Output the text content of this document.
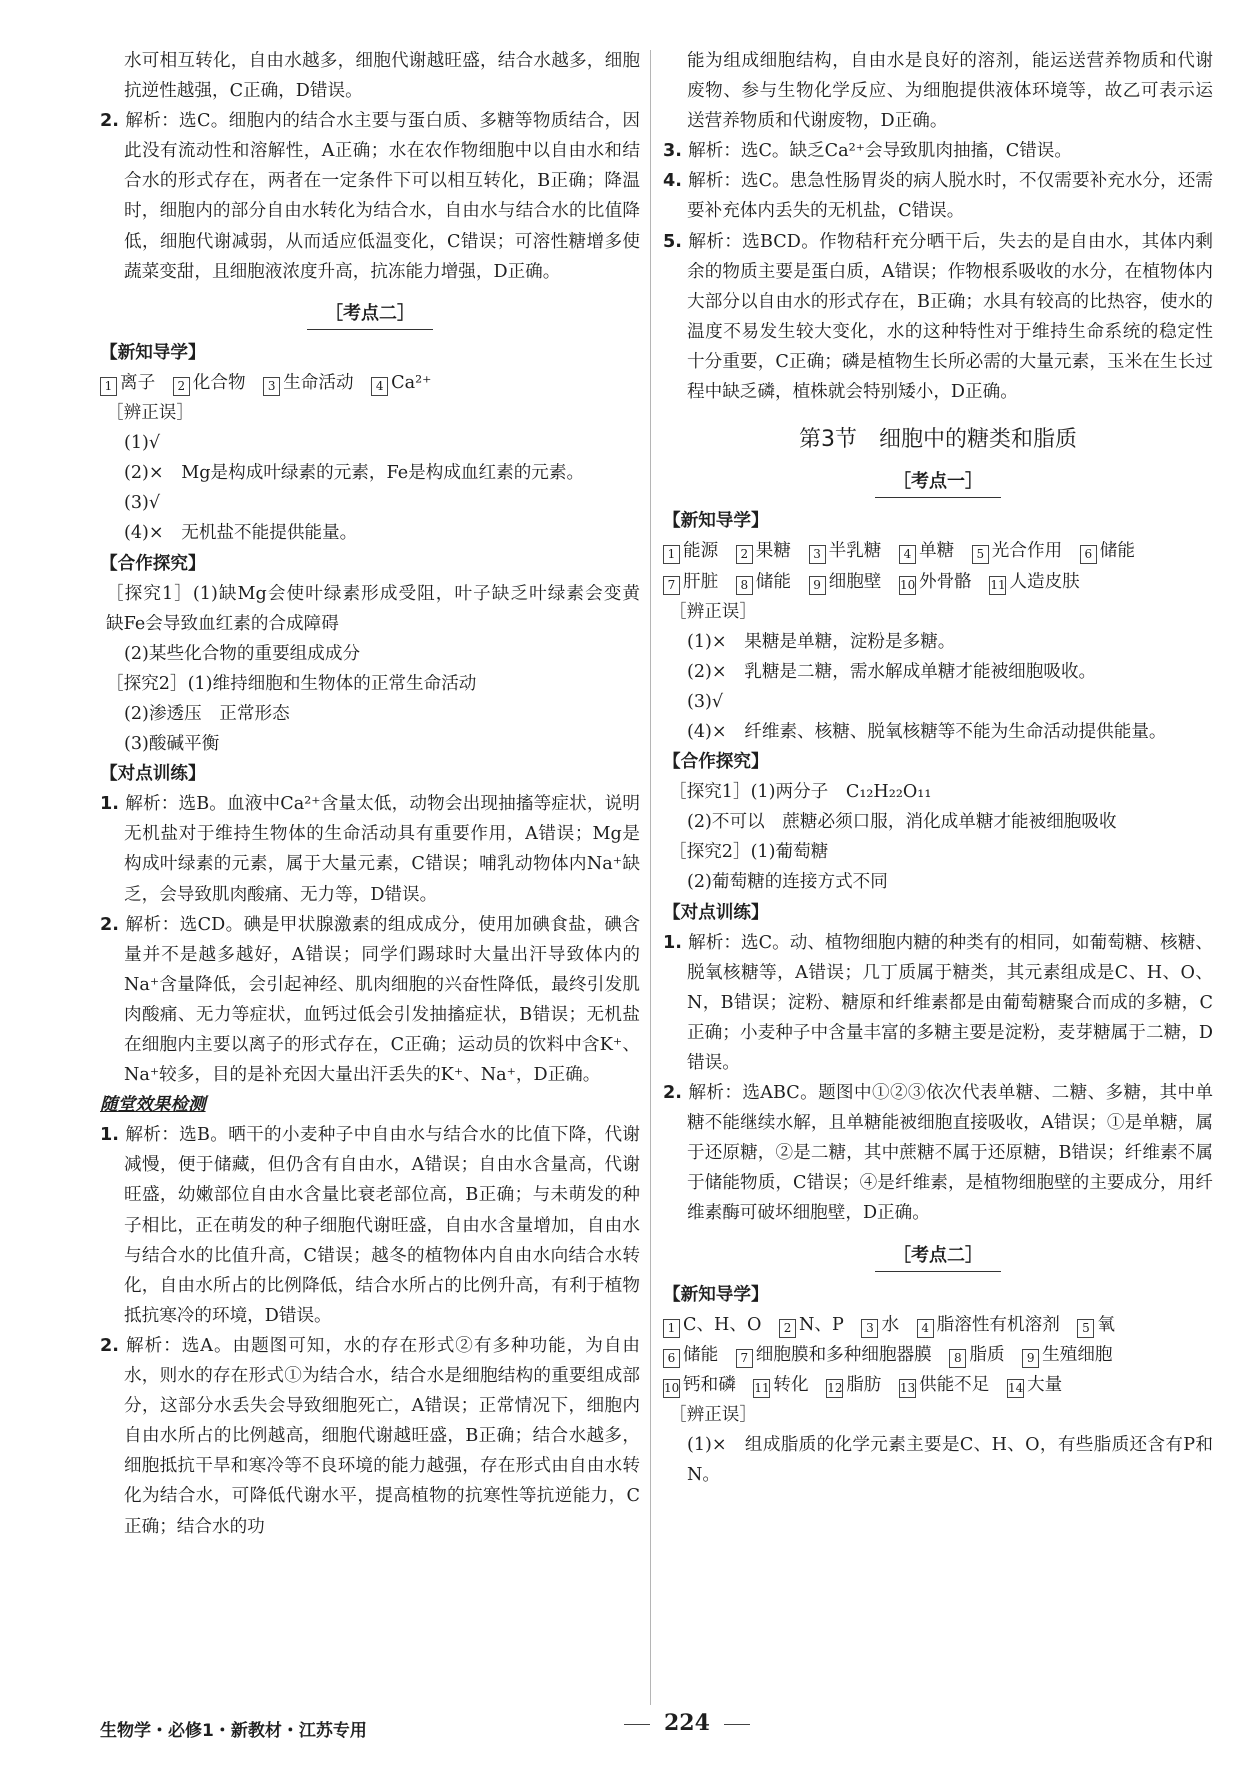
水可相互转化，自由水越多，细胞代谢越旺盛，结合水越多，细胞抗逆性越强，C正确，D错误。

2. 解析：选C。细胞内的结合水主要与蛋白质、多糖等物质结合，因此没有流动性和溶解性，A正确；水在农作物细胞中以自由水和结合水的形式存在，两者在一定条件下可以相互转化，B正确；降温时，细胞内的部分自由水转化为结合水，自由水与结合水的比值降低，细胞代谢减弱，从而适应低温变化，C错误；可溶性糖增多使蔬菜变甜，且细胞液浓度升高，抗冻能力增强，D正确。

［考点二］

【新知导学】

1 离子 2 化合物 3 生命活动 4 Ca²⁺

［辨正误］

(1)√

(2)×　Mg是构成叶绿素的元素，Fe是构成血红素的元素。

(3)√

(4)×　无机盐不能提供能量。

【合作探究】

［探究1］(1)缺Mg会使叶绿素形成受阻，叶子缺乏叶绿素会变黄　缺Fe会导致血红素的合成障碍

(2)某些化合物的重要组成成分

［探究2］(1)维持细胞和生物体的正常生命活动

(2)渗透压　正常形态

(3)酸碱平衡

【对点训练】

1. 解析：选B。血液中Ca²⁺含量太低，动物会出现抽搐等症状，说明无机盐对于维持生物体的生命活动具有重要作用，A错误；Mg是构成叶绿素的元素，属于大量元素，C错误；哺乳动物体内Na⁺缺乏，会导致肌肉酸痛、无力等，D错误。

2. 解析：选CD。碘是甲状腺激素的组成成分，使用加碘食盐，碘含量并不是越多越好，A错误；同学们踢球时大量出汗导致体内的Na⁺含量降低，会引起神经、肌肉细胞的兴奋性降低，最终引发肌肉酸痛、无力等症状，血钙过低会引发抽搐症状，B错误；无机盐在细胞内主要以离子的形式存在，C正确；运动员的饮料中含K⁺、Na⁺较多，目的是补充因大量出汗丢失的K⁺、Na⁺，D正确。

随堂效果检测

1. 解析：选B。晒干的小麦种子中自由水与结合水的比值下降，代谢减慢，便于储藏，但仍含有自由水，A错误；自由水含量高，代谢旺盛，幼嫩部位自由水含量比衰老部位高，B正确；与未萌发的种子相比，正在萌发的种子细胞代谢旺盛，自由水含量增加，自由水与结合水的比值升高，C错误；越冬的植物体内自由水向结合水转化，自由水所占的比例降低，结合水所占的比例升高，有利于植物抵抗寒冷的环境，D错误。

2. 解析：选A。由题图可知，水的存在形式②有多种功能，为自由水，则水的存在形式①为结合水，结合水是细胞结构的重要组成部分，这部分水丢失会导致细胞死亡，A错误；正常情况下，细胞内自由水所占的比例越高，细胞代谢越旺盛，B正确；结合水越多，细胞抵抗干旱和寒冷等不良环境的能力越强，存在形式由自由水转化为结合水，可降低代谢水平，提高植物的抗寒性等抗逆能力，C正确；结合水的功

能为组成细胞结构，自由水是良好的溶剂，能运送营养物质和代谢废物、参与生物化学反应、为细胞提供液体环境等，故乙可表示运送营养物质和代谢废物，D正确。

3. 解析：选C。缺乏Ca²⁺会导致肌肉抽搐，C错误。

4. 解析：选C。患急性肠胃炎的病人脱水时，不仅需要补充水分，还需要补充体内丢失的无机盐，C错误。

5. 解析：选BCD。作物秸秆充分晒干后，失去的是自由水，其体内剩余的物质主要是蛋白质，A错误；作物根系吸收的水分，在植物体内大部分以自由水的形式存在，B正确；水具有较高的比热容，使水的温度不易发生较大变化，水的这种特性对于维持生命系统的稳定性十分重要，C正确；磷是植物生长所必需的大量元素，玉米在生长过程中缺乏磷，植株就会特别矮小，D正确。

第3节　细胞中的糖类和脂质
［考点一］

【新知导学】

1 能源 2 果糖 3 半乳糖 4 单糖 5 光合作用 6 储能

7 肝脏 8 储能 9 细胞壁 10 外骨骼 11 人造皮肤

［辨正误］

(1)×　果糖是单糖，淀粉是多糖。

(2)×　乳糖是二糖，需水解成单糖才能被细胞吸收。

(3)√

(4)×　纤维素、核糖、脱氧核糖等不能为生命活动提供能量。

【合作探究】

［探究1］(1)两分子　C₁₂H₂₂O₁₁

(2)不可以　蔗糖必须口服，消化成单糖才能被细胞吸收

［探究2］(1)葡萄糖

(2)葡萄糖的连接方式不同

【对点训练】

1. 解析：选C。动、植物细胞内糖的种类有的相同，如葡萄糖、核糖、脱氧核糖等，A错误；几丁质属于糖类，其元素组成是C、H、O、N，B错误；淀粉、糖原和纤维素都是由葡萄糖聚合而成的多糖，C正确；小麦种子中含量丰富的多糖主要是淀粉，麦芽糖属于二糖，D错误。

2. 解析：选ABC。题图中①②③依次代表单糖、二糖、多糖，其中单糖不能继续水解，且单糖能被细胞直接吸收，A错误；①是单糖，属于还原糖，②是二糖，其中蔗糖不属于还原糖，B错误；纤维素不属于储能物质，C错误；④是纤维素，是植物细胞壁的主要成分，用纤维素酶可破坏细胞壁，D正确。

［考点二］

【新知导学】

1 C、H、O 2 N、P 3 水 4 脂溶性有机溶剂 5 氧

6 储能 7 细胞膜和多种细胞器膜 8 脂质 9 生殖细胞

10 钙和磷 11 转化 12 脂肪 13 供能不足 14 大量

［辨正误］

(1)×　组成脂质的化学元素主要是C、H、O，有些脂质还含有P和N。

生物学・必修1・新教材・江苏专用	224
